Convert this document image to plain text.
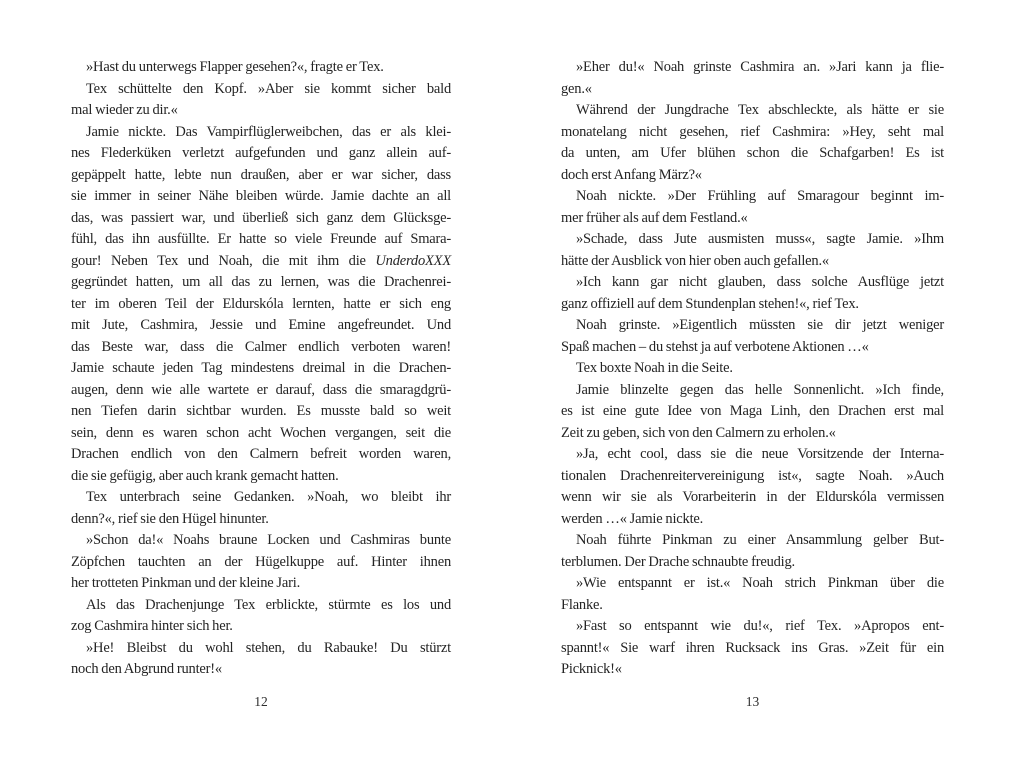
»Hast du unterwegs Flapper gesehen?«, fragte er Tex.
Tex schüttelte den Kopf. »Aber sie kommt sicher bald
mal wieder zu dir.«
Jamie nickte. Das Vampirflüglerweibchen, das er als klei-
nes Flederküken verletzt aufgefunden und ganz allein auf-
gepäppelt hatte, lebte nun draußen, aber er war sicher, dass
sie immer in seiner Nähe bleiben würde. Jamie dachte an all
das, was passiert war, und überließ sich ganz dem Glücksge-
fühl, das ihn ausfüllte. Er hatte so viele Freunde auf Smara-
gour! Neben Tex und Noah, die mit ihm die UnderdoXXX
gegründet hatten, um all das zu lernen, was die Drachenrei-
ter im oberen Teil der Eldurskóla lernten, hatte er sich eng
mit Jute, Cashmira, Jessie und Emine angefreundet. Und
das Beste war, dass die Calmer endlich verboten waren!
Jamie schaute jeden Tag mindestens dreimal in die Drachen-
augen, denn wie alle wartete er darauf, dass die smaragdgrü-
nen Tiefen darin sichtbar wurden. Es musste bald so weit
sein, denn es waren schon acht Wochen vergangen, seit die
Drachen endlich von den Calmern befreit worden waren,
die sie gefügig, aber auch krank gemacht hatten.
Tex unterbrach seine Gedanken. »Noah, wo bleibt ihr
denn?«, rief sie den Hügel hinunter.
»Schon da!« Noahs braune Locken und Cashmiras bunte
Zöpfchen tauchten an der Hügelkuppe auf. Hinter ihnen
her trotteten Pinkman und der kleine Jari.
Als das Drachenjunge Tex erblickte, stürmte es los und
zog Cashmira hinter sich her.
»He! Bleibst du wohl stehen, du Rabauke! Du stürzt
noch den Abgrund runter!«
»Eher du!« Noah grinste Cashmira an. »Jari kann ja flie-
gen.«
Während der Jungdrache Tex abschleckte, als hätte er sie
monatelang nicht gesehen, rief Cashmira: »Hey, seht mal
da unten, am Ufer blühen schon die Schafgarben! Es ist
doch erst Anfang März?«
Noah nickte. »Der Frühling auf Smaragour beginnt im-
mer früher als auf dem Festland.«
»Schade, dass Jute ausmisten muss«, sagte Jamie. »Ihm
hätte der Ausblick von hier oben auch gefallen.«
»Ich kann gar nicht glauben, dass solche Ausflüge jetzt
ganz offiziell auf dem Stundenplan stehen!«, rief Tex.
Noah grinste. »Eigentlich müssten sie dir jetzt weniger
Spaß machen – du stehst ja auf verbotene Aktionen …«
Tex boxte Noah in die Seite.
Jamie blinzelte gegen das helle Sonnenlicht. »Ich finde,
es ist eine gute Idee von Maga Linh, den Drachen erst mal
Zeit zu geben, sich von den Calmern zu erholen.«
»Ja, echt cool, dass sie die neue Vorsitzende der Interna-
tionalen Drachenreitervereinigung ist«, sagte Noah. »Auch
wenn wir sie als Vorarbeiterin in der Eldurskóla vermissen
werden …« Jamie nickte.
Noah führte Pinkman zu einer Ansammlung gelber But-
terblumen. Der Drache schnaubte freudig.
»Wie entspannt er ist.« Noah strich Pinkman über die
Flanke.
»Fast so entspannt wie du!«, rief Tex. »Apropos ent-
spannt!« Sie warf ihren Rucksack ins Gras. »Zeit für ein
Picknick!«
12	13
